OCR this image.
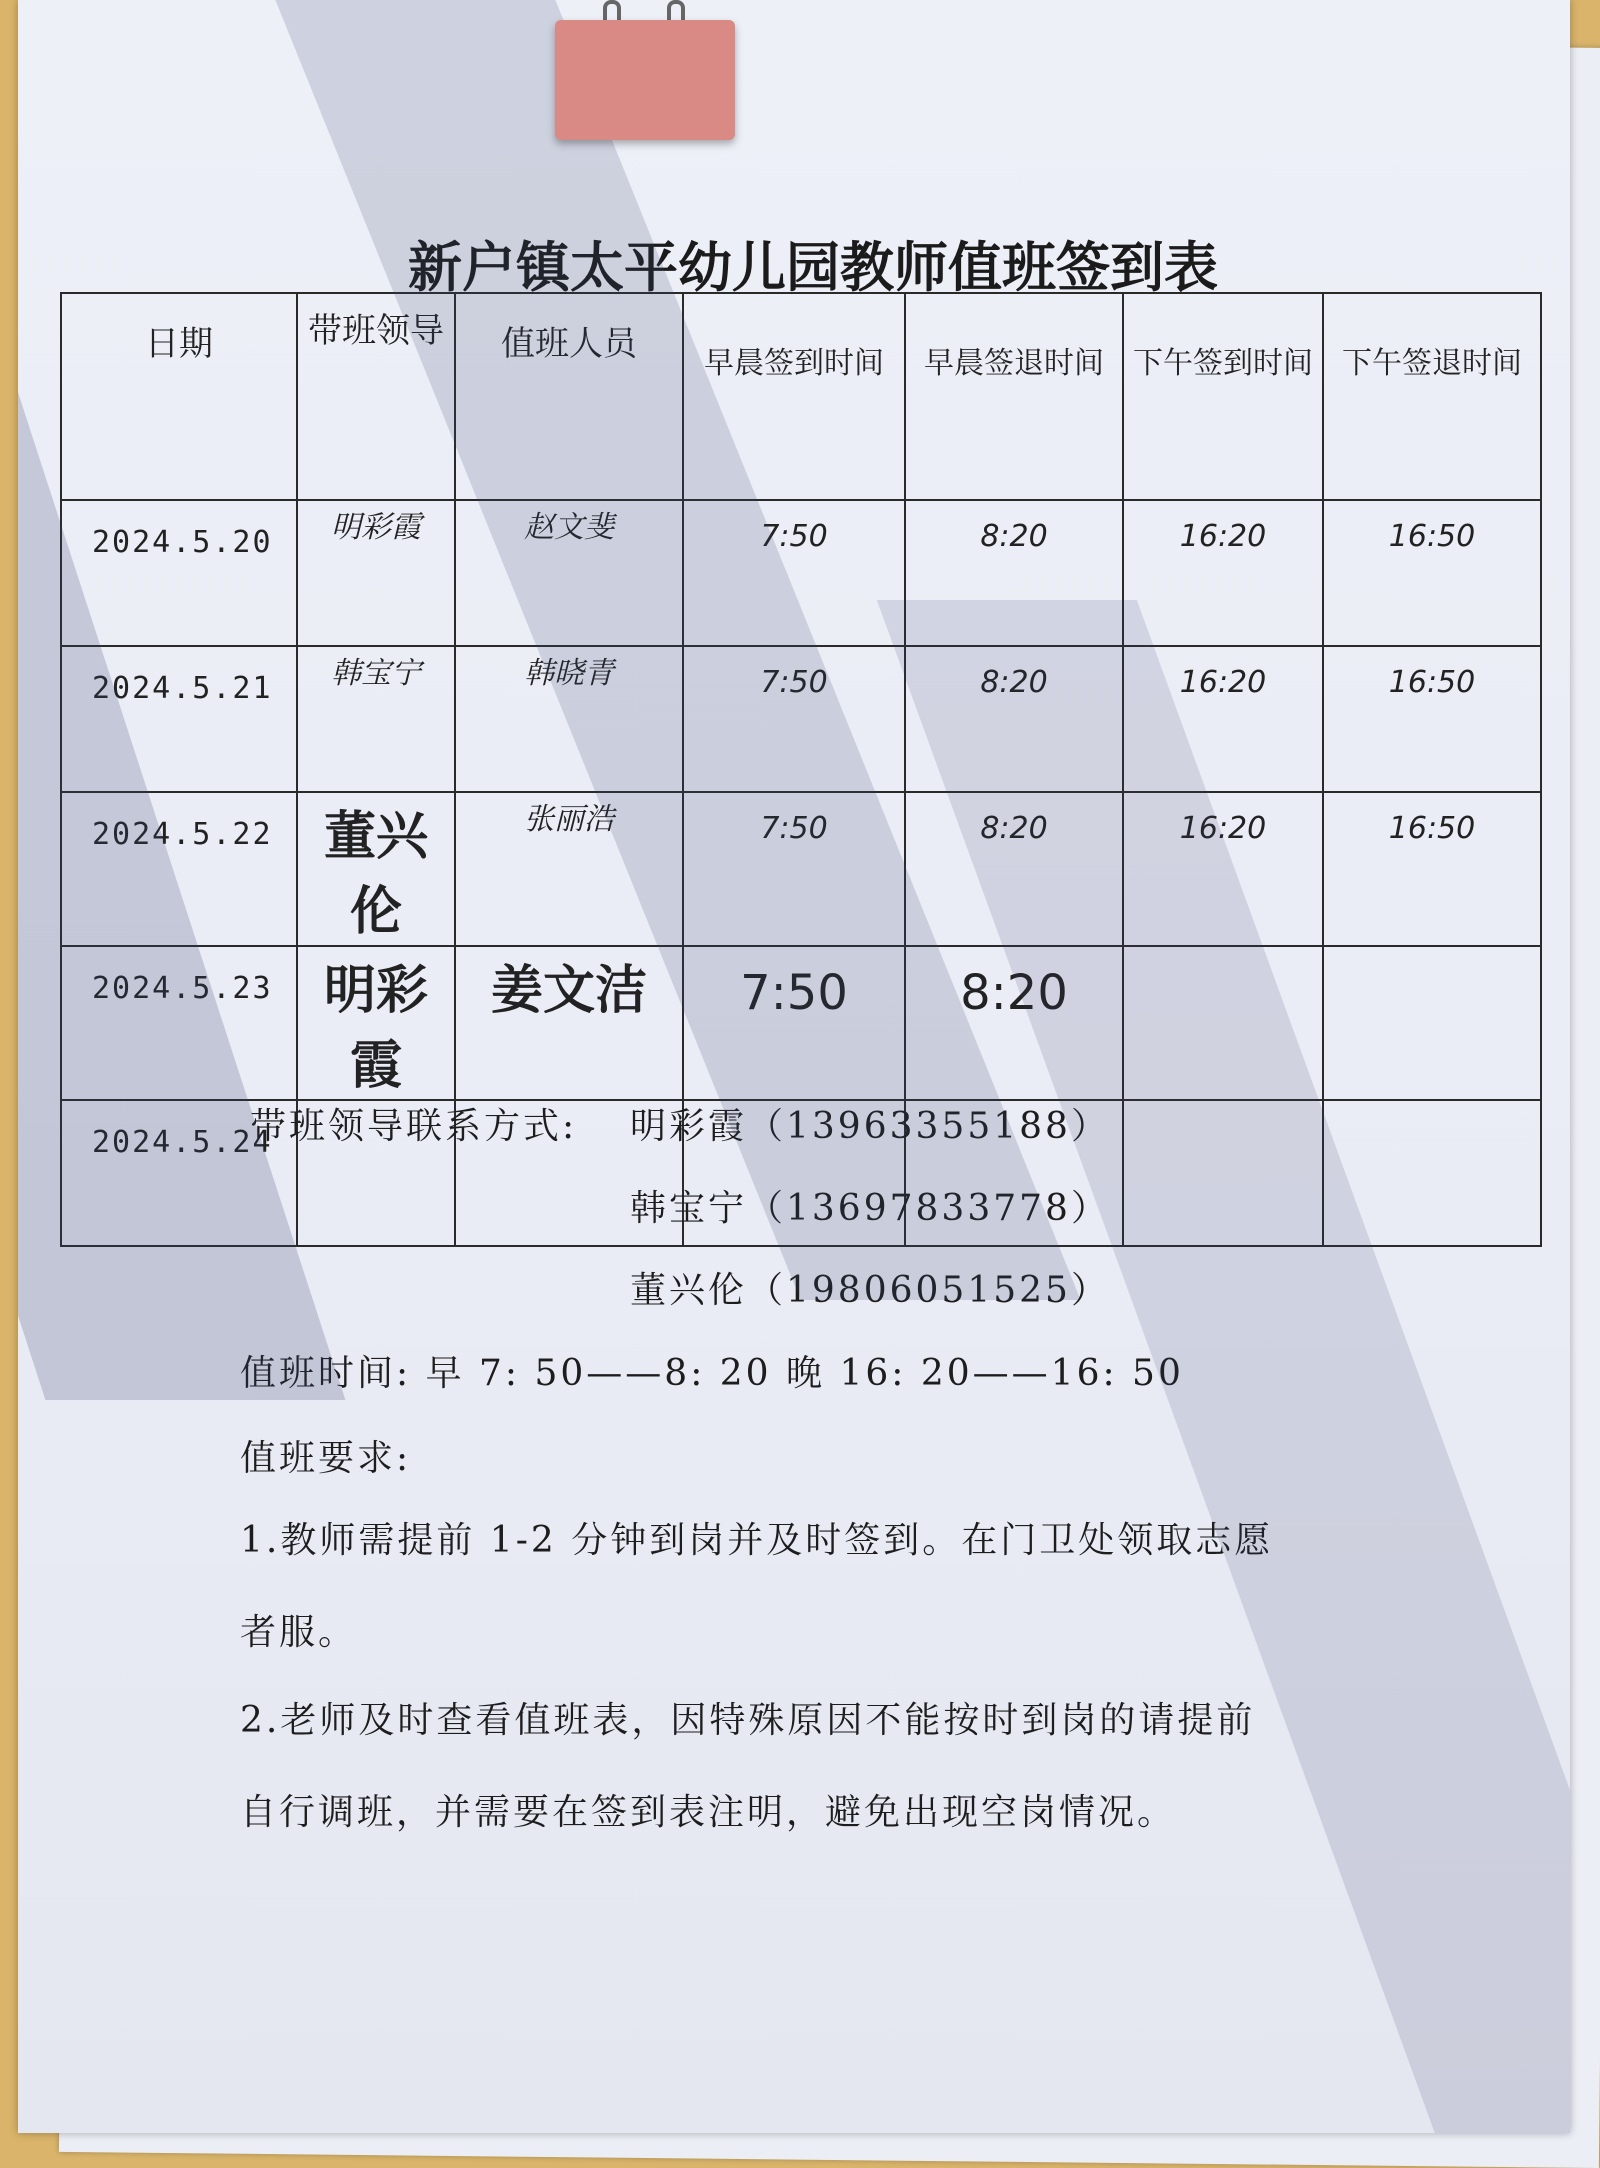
新户镇太平幼儿园教师值班签到表
日期	带班领导	值班人员	早晨签到时间	早晨签退时间	下午签到时间	下午签退时间
2024.5.20	明彩霞	赵文斐	7:50	8:20	16:20	16:50
2024.5.21	韩宝宁	韩晓青	7:50	8:20	16:20	16:50
2024.5.22	董兴伦	张丽浩	7:50	8:20	16:20	16:50
2024.5.23	明彩霞	姜文洁	7:50	8:20		
2024.5.24						
带班领导联系方式: 明彩霞（13963355188）
韩宝宁（13697833778）
董兴伦（19806051525）
值班时间: 早 7: 50——8: 20 晚 16: 20——16: 50
值班要求:
1.教师需提前 1-2 分钟到岗并及时签到。在门卫处领取志愿
者服。
2.老师及时查看值班表，因特殊原因不能按时到岗的请提前
自行调班，并需要在签到表注明，避免出现空岗情况。
